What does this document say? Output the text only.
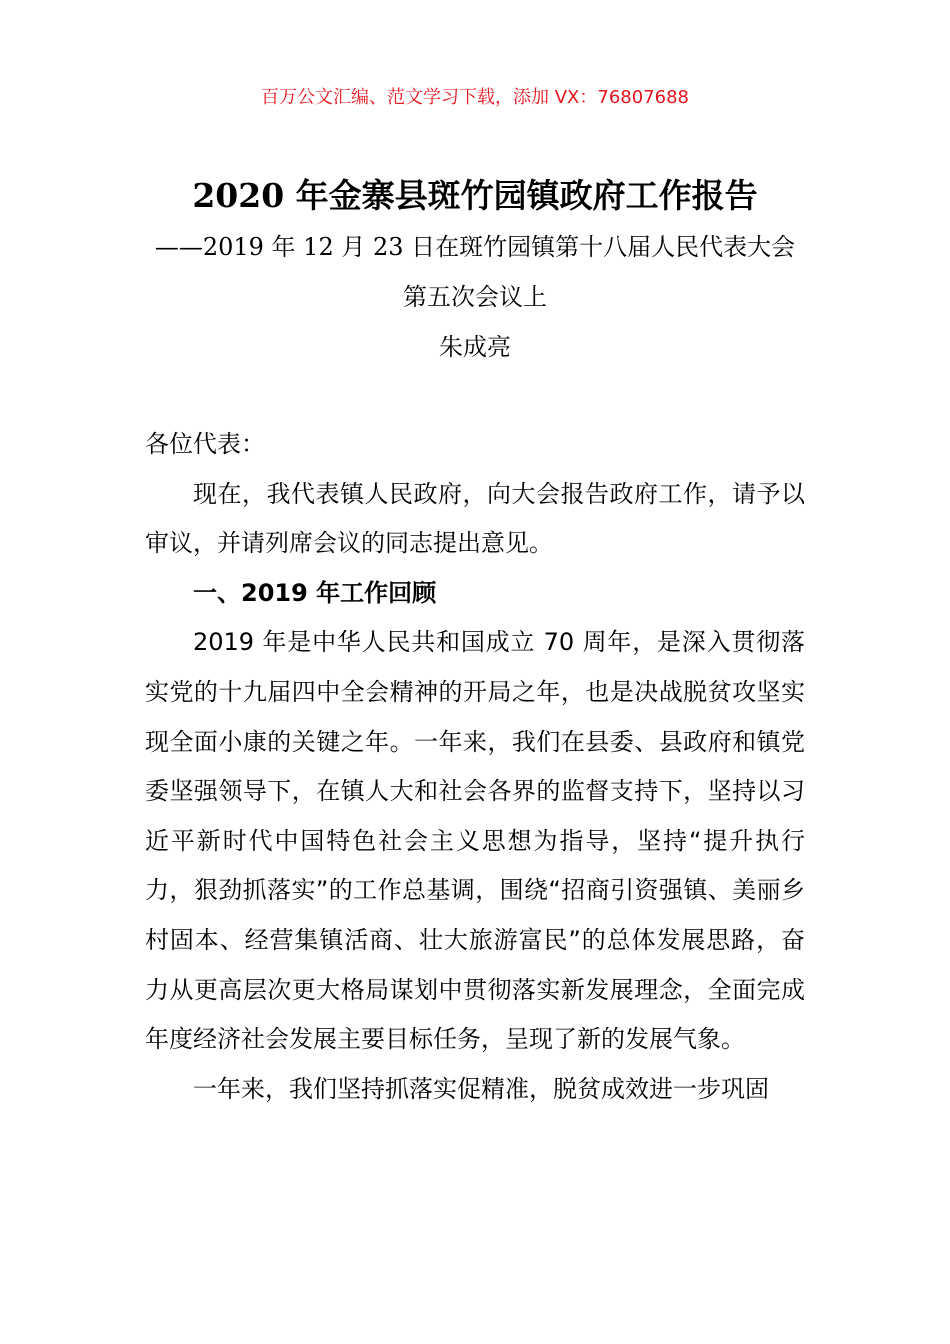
百万公文汇编、范文学习下载，添加 VX：76807688
2020 年金寨县斑竹园镇政府工作报告
——2019 年 12 月 23 日在斑竹园镇第十八届人民代表大会第五次会议上
朱成亮

各位代表：

现在，我代表镇人民政府，向大会报告政府工作，请予以审议，并请列席会议的同志提出意见。

一、2019 年工作回顾

2019 年是中华人民共和国成立 70 周年，是深入贯彻落实党的十九届四中全会精神的开局之年，也是决战脱贫攻坚实现全面小康的关键之年。一年来，我们在县委、县政府和镇党委坚强领导下，在镇人大和社会各界的监督支持下，坚持以习近平新时代中国特色社会主义思想为指导，坚持“提升执行力，狠劲抓落实”的工作总基调，围绕“招商引资强镇、美丽乡村固本、经营集镇活商、壮大旅游富民”的总体发展思路，奋力从更高层次更大格局谋划中贯彻落实新发展理念，全面完成年度经济社会发展主要目标任务，呈现了新的发展气象。

一年来，我们坚持抓落实促精准，脱贫成效进一步巩固
